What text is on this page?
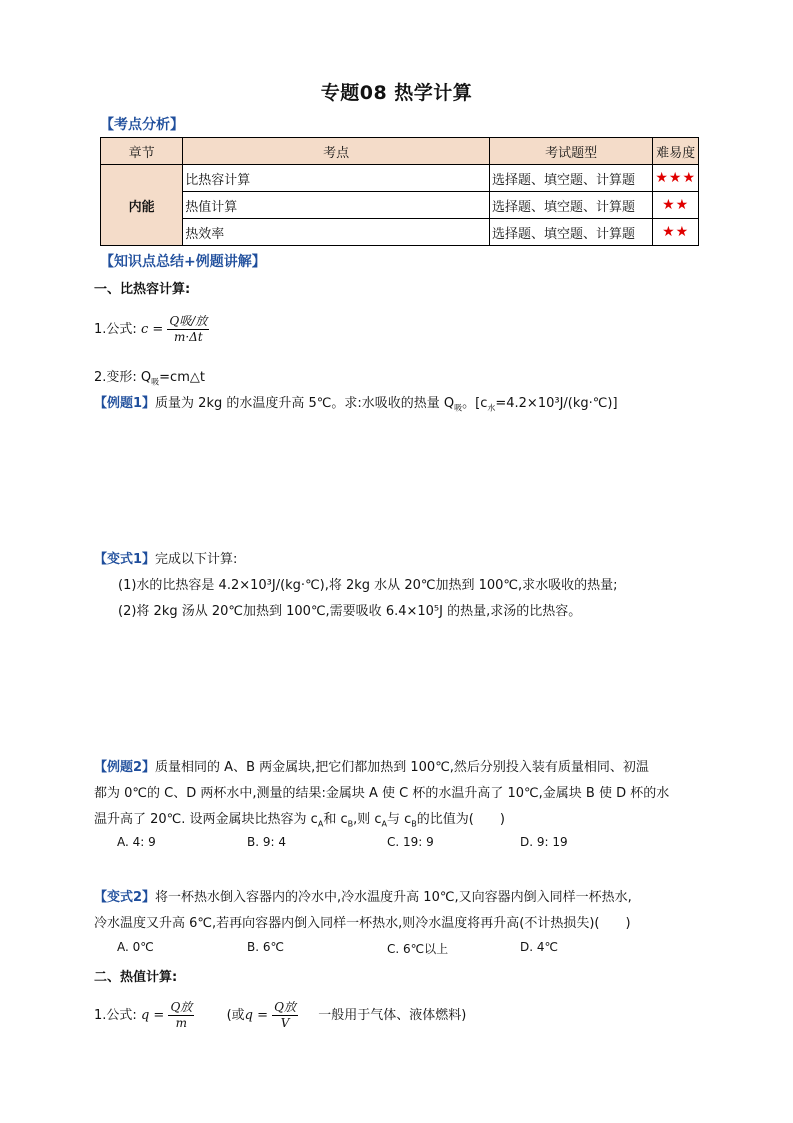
专题08 热学计算
【考点分析】
章节	考点	考试题型	难易度
内能	比热容计算	选择题、填空题、计算题	★★★
	热值计算	选择题、填空题、计算题	★★
	热效率	选择题、填空题、计算题	★★
【知识点总结+例题讲解】
一、比热容计算:
1.公式: $c = \frac{\text{Q吸/放}}{m\cdot\Delta t}$
2.变形: $Q_吸=cm\triangle t$
【例题1】质量为 2kg 的水温度升高 5℃。求:水吸收的热量 $Q_吸$。$[c_水=4.2\times 10^3J/(kg\cdot℃)]$
【变式1】完成以下计算:
(1)水的比热容是 4.2×10³J/(kg·℃),将 2kg 水从 20℃加热到 100℃,求水吸收的热量;
(2)将 2kg 汤从 20℃加热到 100℃,需要吸收 6.4×10⁵J 的热量,求汤的比热容。
【例题2】质量相同的 A、B 两金属块,把它们都加热到 100℃,然后分别投入装有质量相同、初温
都为 0℃的 C、D 两杯水中,测量的结果:金属块 A 使 C 杯的水温升高了 10℃,金属块 B 使 D 杯的水
温升高了 20℃. 设两金属块比热容为 $c_A$和 $c_B$,则 $c_A$与 $c_B$的比值为(　　)
A. 4: 9	B. 9: 4	C. 19: 9	D. 9: 19
【变式2】将一杯热水倒入容器内的冷水中,冷水温度升高 10℃,又向容器内倒入同样一杯热水,
冷水温度又升高 6℃,若再向容器内倒入同样一杯热水,则冷水温度将再升高(不计热损失)(　　)
A. 0℃	B. 6℃	C. 6℃以上	D. 4℃
二、热值计算:
1.公式: $q = \frac{\text{Q放}}{m}$ (或$q = \frac{\text{Q放}}{V}$ 一般用于气体、液体燃料)
